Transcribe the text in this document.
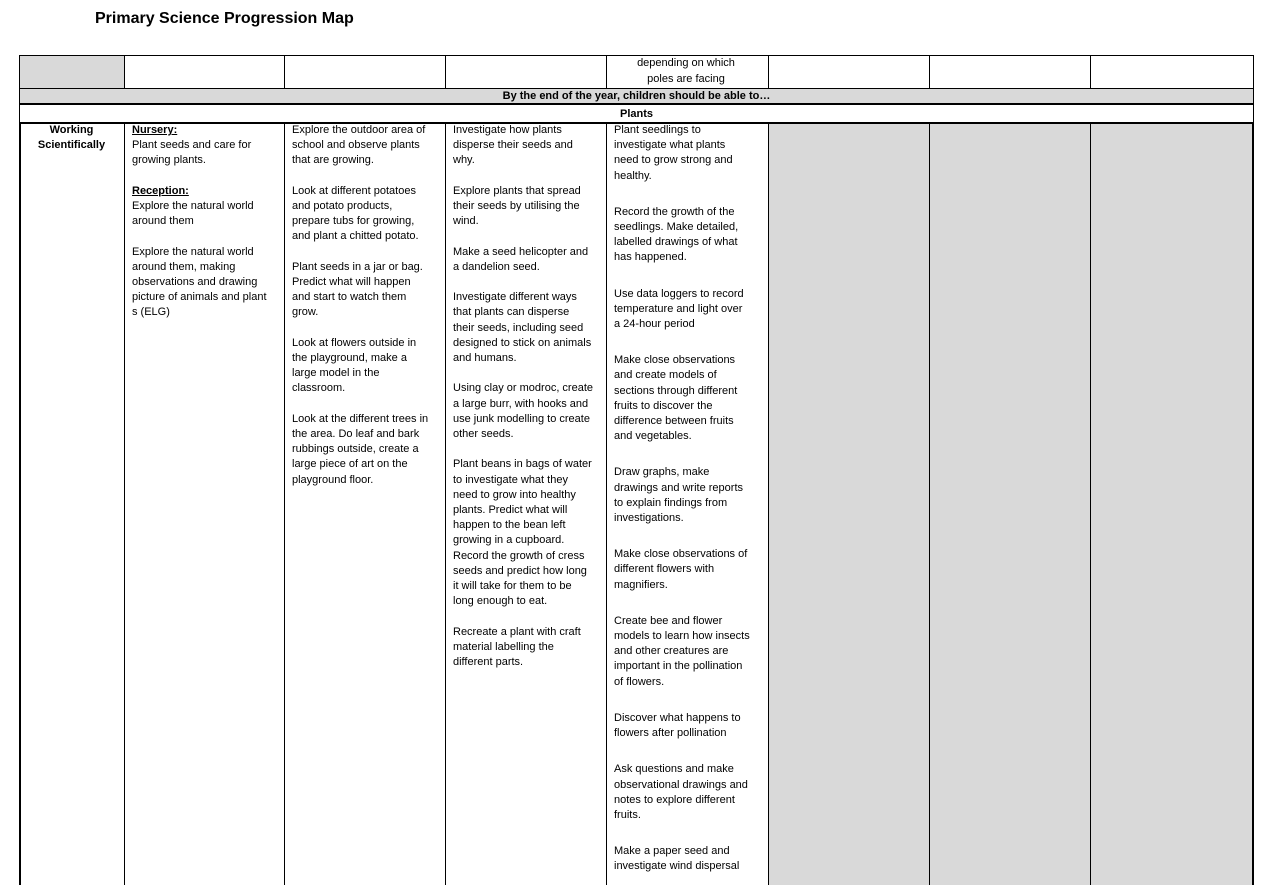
Primary Science Progression Map
By the end of the year, children should be able to…
Plants
depending on which
poles are facing
Working
Scientifically
Nursery:
Plant seeds and care for
growing plants.
Reception:
Explore the natural world
around them
Explore the natural world
around them, making
observations and drawing
picture of animals and plant
s (ELG)
Explore the outdoor area of
school and observe plants
that are growing.
Look at different potatoes
and potato products,
prepare tubs for growing,
and plant a chitted potato.
Plant seeds in a jar or bag.
Predict what will happen
and start to watch them
grow.
Look at flowers outside in
the playground, make a
large model in the
classroom.
Look at the different trees in
the area. Do leaf and bark
rubbings outside, create a
large piece of art on the
playground floor.
Investigate how plants
disperse their seeds and
why.
Explore plants that spread
their seeds by utilising the
wind.
Make a seed helicopter and
a dandelion seed.
Investigate different ways
that plants can disperse
their seeds, including seed
designed to stick on animals
and humans.
Using clay or modroc, create
a large burr, with hooks and
use junk modelling to create
other seeds.
Plant beans in bags of water
to investigate what they
need to grow into healthy
plants. Predict what will
happen to the bean left
growing in a cupboard.
Record the growth of cress
seeds and predict how long
it will take for them to be
long enough to eat.
Recreate a plant with craft
material labelling the
different parts.
Plant seedlings to
investigate what plants
need to grow strong and
healthy.
Record the growth of the
seedlings. Make detailed,
labelled drawings of what
has happened.
Use data loggers to record
temperature and light over
a 24-hour period
Make close observations
and create models of
sections through different
fruits to discover the
difference between fruits
and vegetables.
Draw graphs, make
drawings and write reports
to explain findings from
investigations.
Make close observations of
different flowers with
magnifiers.
Create bee and flower
models to learn how insects
and other creatures are
important in the pollination
of flowers.
Discover what happens to
flowers after pollination
Ask questions and make
observational drawings and
notes to explore different
fruits.
Make a paper seed and
investigate wind dispersal
